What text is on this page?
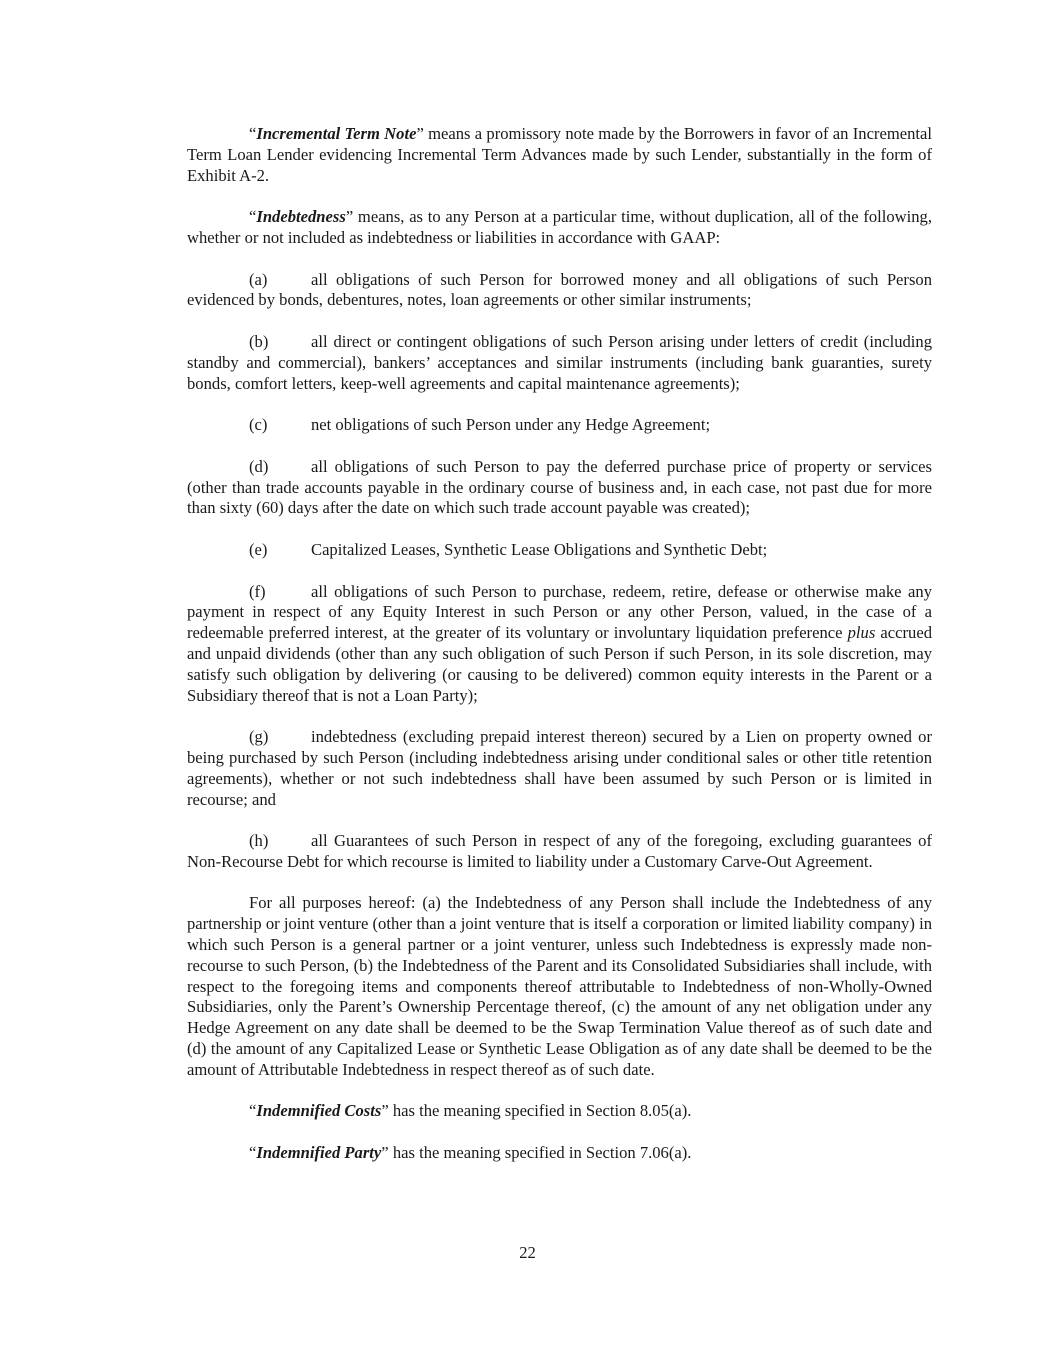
“Incremental Term Note” means a promissory note made by the Borrowers in favor of an Incremental Term Loan Lender evidencing Incremental Term Advances made by such Lender, substantially in the form of Exhibit A-2.

“Indebtedness” means, as to any Person at a particular time, without duplication, all of the following, whether or not included as indebtedness or liabilities in accordance with GAAP:

(a)	all obligations of such Person for borrowed money and all obligations of such Person evidenced by bonds, debentures, notes, loan agreements or other similar instruments;

(b)	all direct or contingent obligations of such Person arising under letters of credit (including standby and commercial), bankers’ acceptances and similar instruments (including bank guaranties, surety bonds, comfort letters, keep-well agreements and capital maintenance agreements);

(c)	net obligations of such Person under any Hedge Agreement;

(d)	all obligations of such Person to pay the deferred purchase price of property or services (other than trade accounts payable in the ordinary course of business and, in each case, not past due for more than sixty (60) days after the date on which such trade account payable was created);

(e)	Capitalized Leases, Synthetic Lease Obligations and Synthetic Debt;

(f)	all obligations of such Person to purchase, redeem, retire, defease or otherwise make any payment in respect of any Equity Interest in such Person or any other Person, valued, in the case of a redeemable preferred interest, at the greater of its voluntary or involuntary liquidation preference plus accrued and unpaid dividends (other than any such obligation of such Person if such Person, in its sole discretion, may satisfy such obligation by delivering (or causing to be delivered) common equity interests in the Parent or a Subsidiary thereof that is not a Loan Party);

(g)	indebtedness (excluding prepaid interest thereon) secured by a Lien on property owned or being purchased by such Person (including indebtedness arising under conditional sales or other title retention agreements), whether or not such indebtedness shall have been assumed by such Person or is limited in recourse; and

(h)	all Guarantees of such Person in respect of any of the foregoing, excluding guarantees of Non-Recourse Debt for which recourse is limited to liability under a Customary Carve-Out Agreement.

For all purposes hereof: (a) the Indebtedness of any Person shall include the Indebtedness of any partnership or joint venture (other than a joint venture that is itself a corporation or limited liability company) in which such Person is a general partner or a joint venturer, unless such Indebtedness is expressly made non-recourse to such Person, (b) the Indebtedness of the Parent and its Consolidated Subsidiaries shall include, with respect to the foregoing items and components thereof attributable to Indebtedness of non-Wholly-Owned Subsidiaries, only the Parent’s Ownership Percentage thereof, (c) the amount of any net obligation under any Hedge Agreement on any date shall be deemed to be the Swap Termination Value thereof as of such date and (d) the amount of any Capitalized Lease or Synthetic Lease Obligation as of any date shall be deemed to be the amount of Attributable Indebtedness in respect thereof as of such date.

“Indemnified Costs” has the meaning specified in Section 8.05(a).

“Indemnified Party” has the meaning specified in Section 7.06(a).

22
